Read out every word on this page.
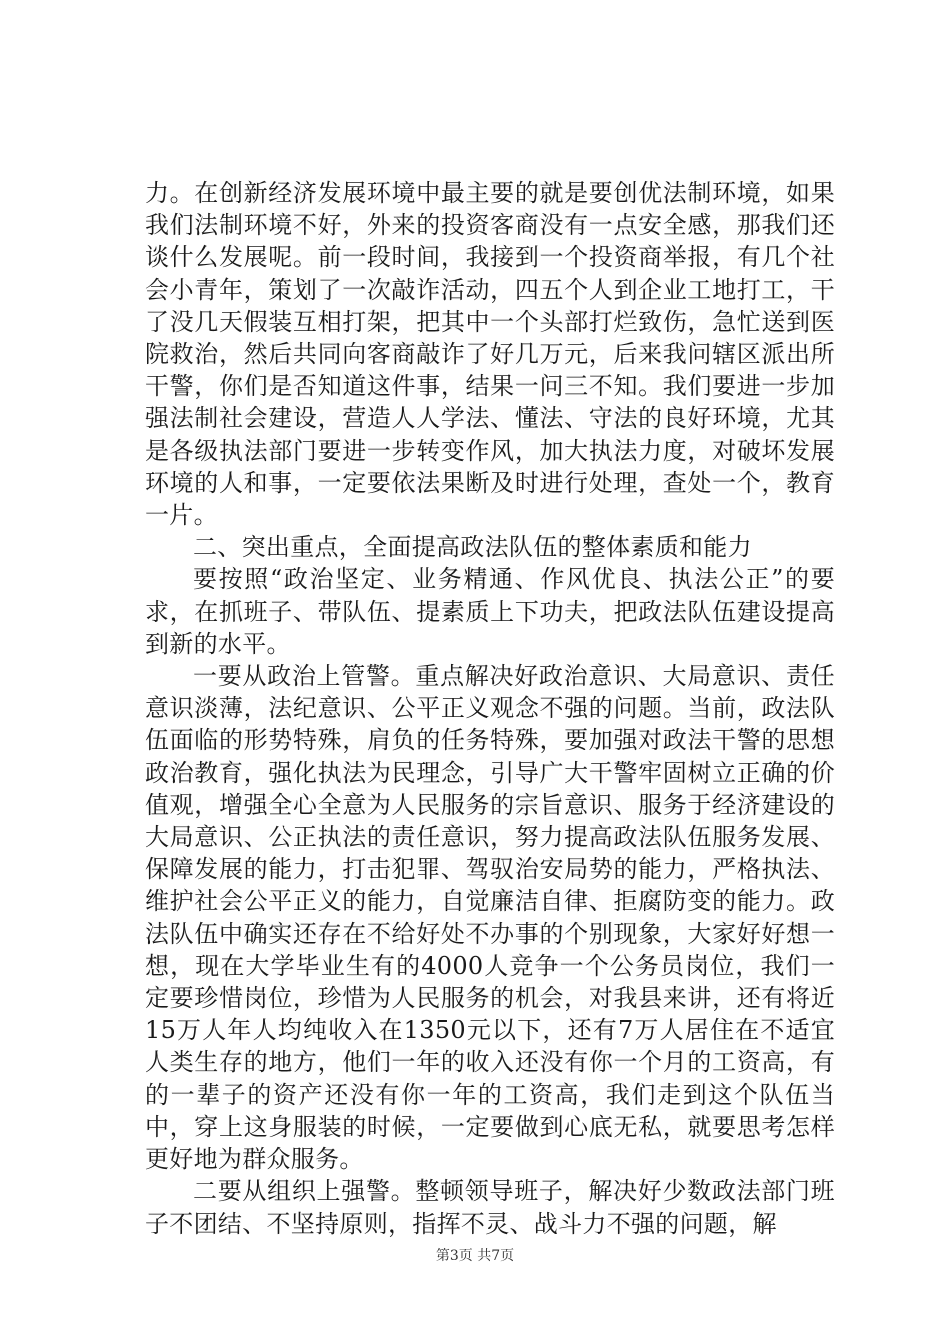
力。在创新经济发展环境中最主要的就是要创优法制环境，如果我们法制环境不好，外来的投资客商没有一点安全感，那我们还谈什么发展呢。前一段时间，我接到一个投资商举报，有几个社会小青年，策划了一次敲诈活动，四五个人到企业工地打工，干了没几天假装互相打架，把其中一个头部打烂致伤，急忙送到医院救治，然后共同向客商敲诈了好几万元，后来我问辖区派出所干警，你们是否知道这件事，结果一问三不知。我们要进一步加强法制社会建设，营造人人学法、懂法、守法的良好环境，尤其是各级执法部门要进一步转变作风，加大执法力度，对破坏发展环境的人和事，一定要依法果断及时进行处理，查处一个，教育一片。

二、突出重点，全面提高政法队伍的整体素质和能力

要按照“政治坚定、业务精通、作风优良、执法公正”的要求，在抓班子、带队伍、提素质上下功夫，把政法队伍建设提高到新的水平。

一要从政治上管警。重点解决好政治意识、大局意识、责任意识淡薄，法纪意识、公平正义观念不强的问题。当前，政法队伍面临的形势特殊，肩负的任务特殊，要加强对政法干警的思想政治教育，强化执法为民理念，引导广大干警牢固树立正确的价值观，增强全心全意为人民服务的宗旨意识、服务于经济建设的大局意识、公正执法的责任意识，努力提高政法队伍服务发展、保障发展的能力，打击犯罪、驾驭治安局势的能力，严格执法、维护社会公平正义的能力，自觉廉洁自律、拒腐防变的能力。政法队伍中确实还存在不给好处不办事的个别现象，大家好好想一想，现在大学毕业生有的4000人竞争一个公务员岗位，我们一定要珍惜岗位，珍惜为人民服务的机会，对我县来讲，还有将近15万人年人均纯收入在1350元以下，还有7万人居住在不适宜人类生存的地方，他们一年的收入还没有你一个月的工资高，有的一辈子的资产还没有你一年的工资高，我们走到这个队伍当中，穿上这身服装的时候，一定要做到心底无私，就要思考怎样更好地为群众服务。

二要从组织上强警。整顿领导班子，解决好少数政法部门班子不团结、不坚持原则，指挥不灵、战斗力不强的问题，解

第3页 共7页
